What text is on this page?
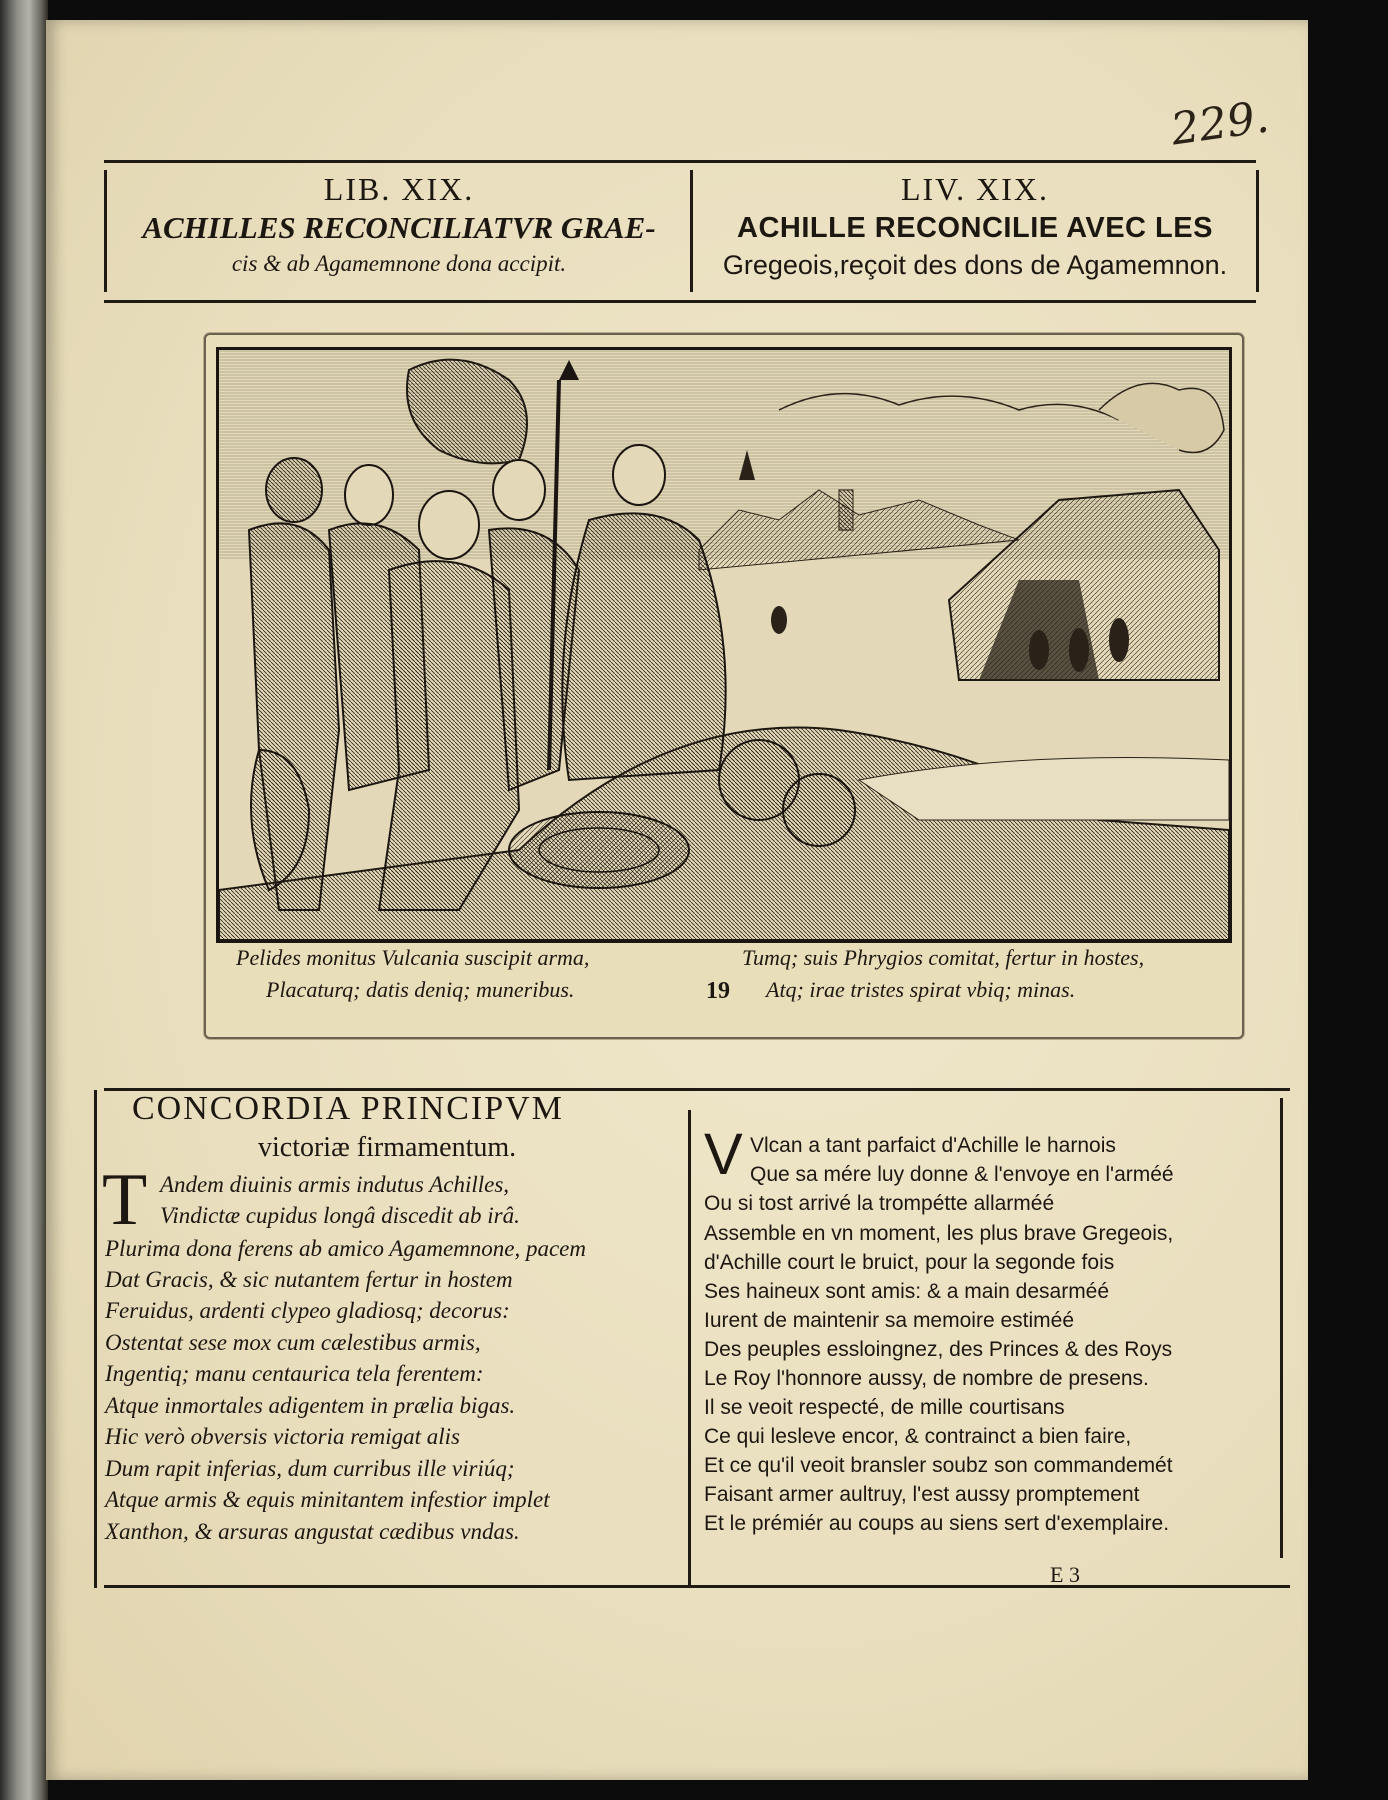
229.
LIB. XIX.
ACHILLES RECONCILIATVR GRAE-
cis & ab Agamemnone dona accipit.
LIV. XIX.
ACHILLE RECONCILIE AVEC LES
Gregeois,reçoit des dons de Agamemnon.
Pelides monitus Vulcania suscipit arma,
Placaturq; datis deniq; muneribus.	19
Tumq; suis Phrygios comitat, fertur in hostes,
Atq; irae tristes spirat vbiq; minas.
CONCORDIA PRINCIPVM
victoriæ firmamentum.
T Andem diuinis armis indutus Achilles,
Vindictæ cupidus longâ discedit ab irâ.
Plurima dona ferens ab amico Agamemnone, pacem
Dat Gracis, & sic nutantem fertur in hostem
Feruidus, ardenti clypeo gladiosq; decorus:
Ostentat sese mox cum cælestibus armis,
Ingentiq; manu centaurica tela ferentem:
Atque inmortales adigentem in prælia bigas.
Hic verò obversis victoria remigat alis
Dum rapit inferias, dum curribus ille viriúq;
Atque armis & equis minitantem infestior implet
Xanthon, & arsuras angustat cædibus vndas.
V Vlcan a tant parfaict d'Achille le harnois
Que sa mére luy donne & l'envoye en l'arméé
Ou si tost arrivé la trompétte allarméé
Assemble en vn moment, les plus brave Gregeois,
d'Achille court le bruict, pour la segonde fois
Ses haineux sont amis: & a main desarméé
Iurent de maintenir sa memoire estiméé
Des peuples essloingnez, des Princes & des Roys
Le Roy l'honnore aussy, de nombre de presens.
Il se veoit respecté, de mille courtisans
Ce qui lesleve encor, & contrainct a bien faire,
Et ce qu'il veoit bransler soubz son commandemét
Faisant armer aultruy, l'est aussy promptement
Et le prémiér au coups au siens sert d'exemplaire.
E 3
